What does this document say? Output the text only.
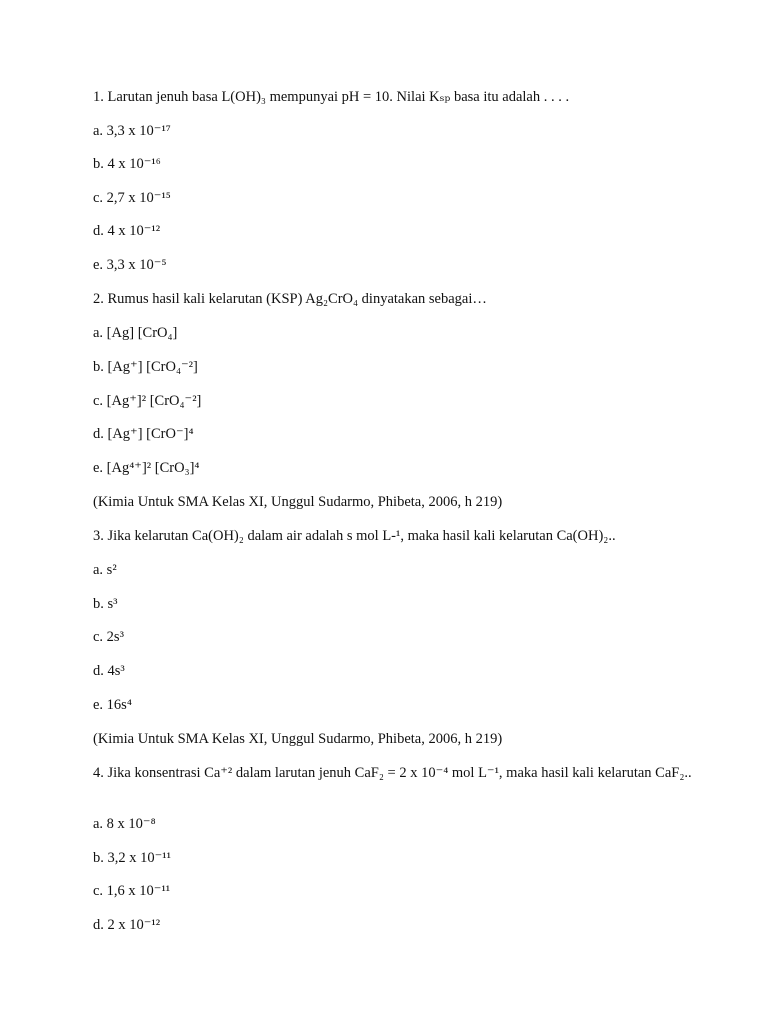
1. Larutan jenuh basa L(OH)₃ mempunyai pH = 10. Nilai Kₛₚ basa itu adalah . . . .
a. 3,3 x 10⁻¹⁷
b. 4 x 10⁻¹⁶
c. 2,7 x 10⁻¹⁵
d. 4 x 10⁻¹²
e. 3,3 x 10⁻⁵
2. Rumus hasil kali kelarutan (KSP) Ag₂CrO₄ dinyatakan sebagai…
a. [Ag] [CrO₄]
b. [Ag⁺] [CrO₄⁻²]
c. [Ag⁺]² [CrO₄⁻²]
d. [Ag⁺] [CrO⁻]⁴
e. [Ag⁴⁺]² [CrO₃]⁴
(Kimia Untuk SMA Kelas XI, Unggul Sudarmo, Phibeta, 2006, h 219)
3. Jika kelarutan Ca(OH)₂ dalam air adalah s mol L-¹, maka hasil kali kelarutan Ca(OH)₂..
a. s²
b. s³
c. 2s³
d. 4s³
e. 16s⁴
(Kimia Untuk SMA Kelas XI, Unggul Sudarmo, Phibeta, 2006, h 219)
4. Jika konsentrasi Ca⁺² dalam larutan jenuh CaF₂ = 2 x 10⁻⁴ mol L⁻¹, maka hasil kali kelarutan CaF₂..
a. 8 x 10⁻⁸
b. 3,2 x 10⁻¹¹
c. 1,6 x 10⁻¹¹
d. 2 x 10⁻¹²
